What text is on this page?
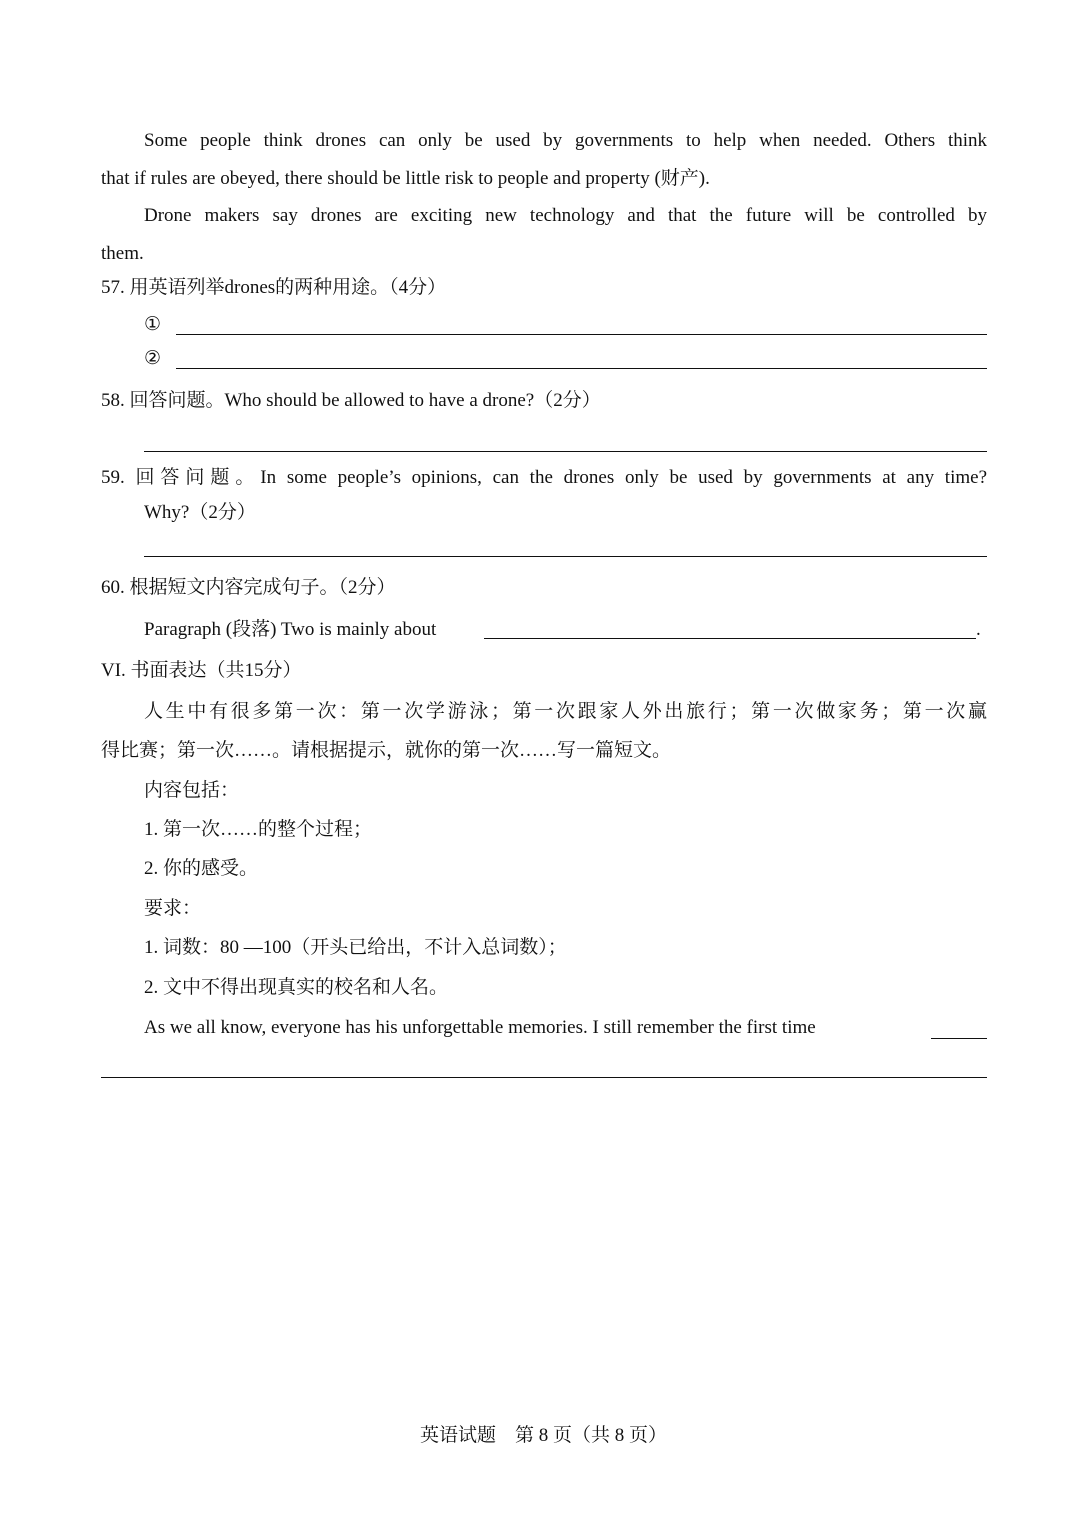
Some people think drones can only be used by governments to help when needed. Others think
that if rules are obeyed, there should be little risk to people and property (财产).
Drone makers say drones are exciting new technology and that the future will be controlled by
them.
57. 用英语列举drones的两种用途。（4分）
①
②
58. 回答问题。Who should be allowed to have a drone?（2分）
59. 回答问题。In some people’s opinions, can the drones only be used by governments at any time?
Why?（2分）
60. 根据短文内容完成句子。（2分）
Paragraph (段落) Two is mainly about	.
VI. 书面表达（共15分）
人生中有很多第一次：第一次学游泳；第一次跟家人外出旅行；第一次做家务；第一次赢
得比赛；第一次……。请根据提示，就你的第一次……写一篇短文。
内容包括：
1. 第一次……的整个过程；
2. 你的感受。
要求：
1. 词数：80 —100（开头已给出，不计入总词数）；
2. 文中不得出现真实的校名和人名。
As we all know, everyone has his unforgettable memories. I still remember the first time
英语试题　第 8 页（共 8 页）
